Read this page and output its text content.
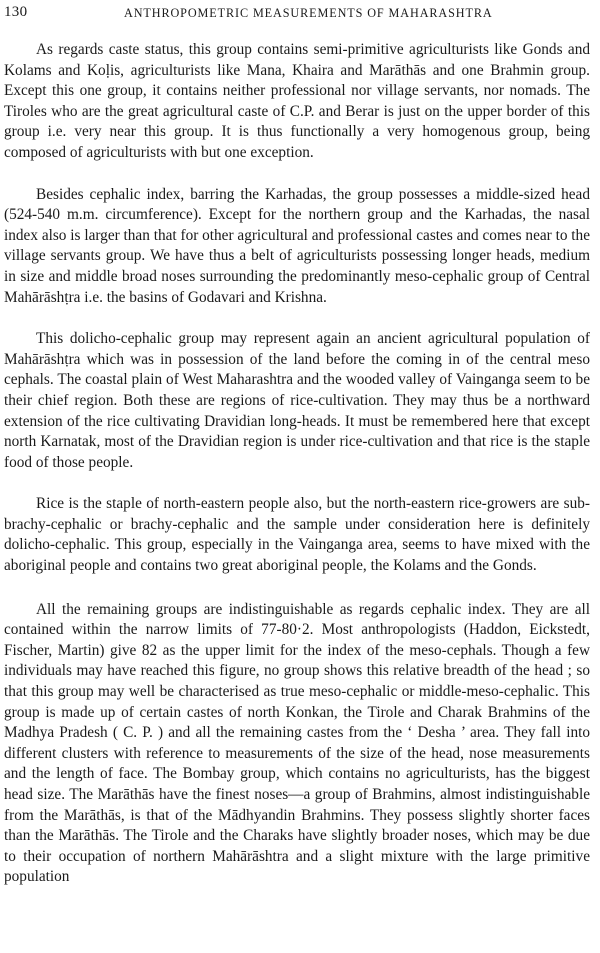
130	ANTHROPOMETRIC MEASUREMENTS OF MAHARASHTRA

As regards caste status, this group contains semi-primitive agriculturists like Gonds and Kolams and Koḷis, agriculturists like Mana, Khaira and Marāthās and one Brahmin group. Except this one group, it contains neither professional nor village servants, nor nomads. The Tiroles who are the great agricultural caste of C.P. and Berar is just on the upper border of this group i.e. very near this group. It is thus functionally a very homogenous group, being composed of agriculturists with but one exception.

Besides cephalic index, barring the Karhadas, the group possesses a middle-sized head (524-540 m.m. circumference). Except for the northern group and the Karhadas, the nasal index also is larger than that for other agricultural and professional castes and comes near to the village servants group. We have thus a belt of agriculturists possessing longer heads, medium in size and middle broad noses surrounding the predominantly meso-cephalic group of Central Mahārāshṭra i.e. the basins of Godavari and Krishna.

This dolicho-cephalic group may represent again an ancient agricultural population of Mahārāshṭra which was in possession of the land before the coming in of the central meso cephals. The coastal plain of West Maharashtra and the wooded valley of Vainganga seem to be their chief region. Both these are regions of rice-cultivation. They may thus be a northward extension of the rice cultivating Dravidian long-heads. It must be remembered here that except north Karnatak, most of the Dravidian region is under rice-cultivation and that rice is the staple food of those people.

Rice is the staple of north-eastern people also, but the north-eastern rice-growers are sub-brachy-cephalic or brachy-cephalic and the sample under consideration here is definitely dolicho-cephalic. This group, especially in the Vainganga area, seems to have mixed with the aboriginal people and contains two great aboriginal people, the Kolams and the Gonds.

All the remaining groups are indistinguishable as regards cephalic index. They are all contained within the narrow limits of 77-80·2. Most anthropologists (Haddon, Eickstedt, Fischer, Martin) give 82 as the upper limit for the index of the meso-cephals. Though a few individuals may have reached this figure, no group shows this relative breadth of the head ; so that this group may well be characterised as true meso-cephalic or middle-meso-cephalic. This group is made up of certain castes of north Konkan, the Tirole and Charak Brahmins of the Madhya Pradesh ( C. P. ) and all the remaining castes from the ‘ Desha ’ area. They fall into different clusters with reference to measurements of the size of the head, nose measurements and the length of face. The Bombay group, which contains no agriculturists, has the biggest head size. The Marāthās have the finest noses—a group of Brahmins, almost indistinguishable from the Marāthās, is that of the Mādhyandin Brahmins. They possess slightly shorter faces than the Marāthās. The Tirole and the Charaks have slightly broader noses, which may be due to their occupation of northern Mahārāshtra and a slight mixture with the large primitive population
